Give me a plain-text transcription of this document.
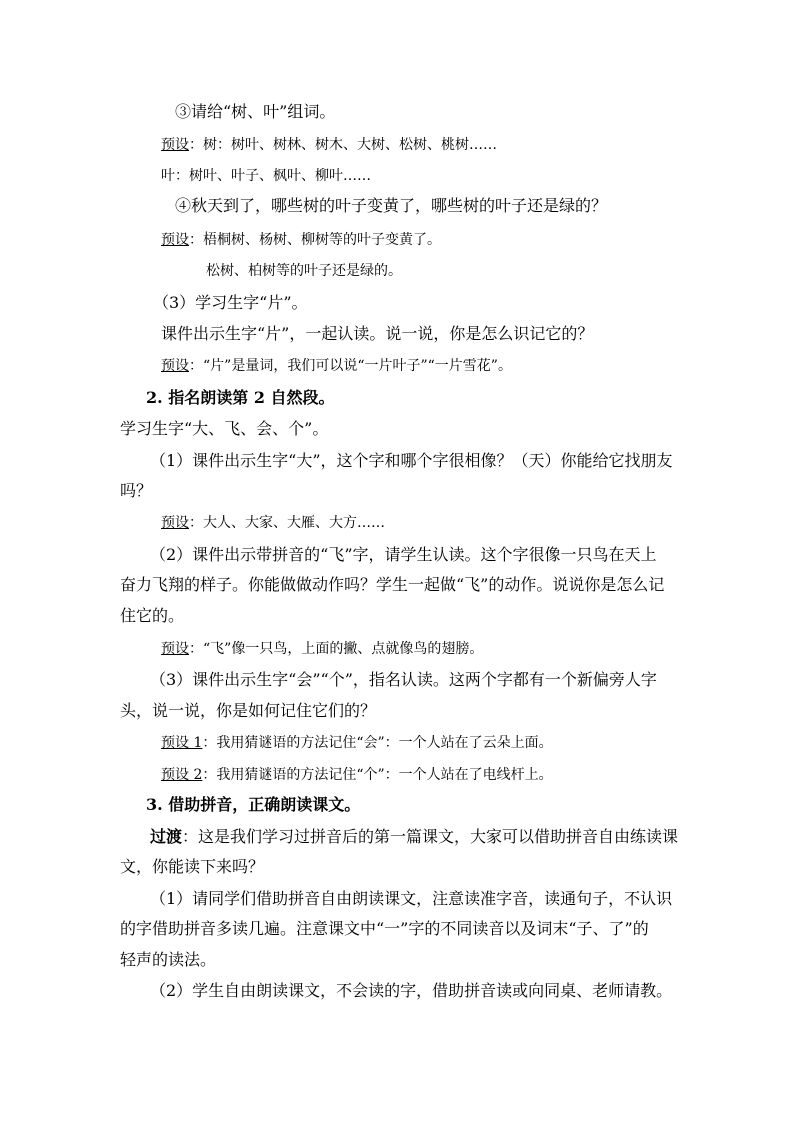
③请给“树、叶”组词。

预设：树：树叶、树林、树木、大树、松树、桃树……

叶：树叶、叶子、枫叶、柳叶……

④秋天到了，哪些树的叶子变黄了，哪些树的叶子还是绿的？

预设：梧桐树、杨树、柳树等的叶子变黄了。

松树、柏树等的叶子还是绿的。

（3）学习生字“片”。

课件出示生字“片”，一起认读。说一说，你是怎么识记它的？

预设：“片”是量词，我们可以说“一片叶子”“一片雪花”。

2. 指名朗读第 2 自然段。

学习生字“大、飞、会、个”。

（1）课件出示生字“大”，这个字和哪个字很相像？（天）你能给它找朋友

吗？

预设：大人、大家、大雁、大方……

（2）课件出示带拼音的“飞”字，请学生认读。这个字很像一只鸟在天上

奋力飞翔的样子。你能做做动作吗？学生一起做“飞”的动作。说说你是怎么记

住它的。

预设：“飞”像一只鸟，上面的撇、点就像鸟的翅膀。

（3）课件出示生字“会”“个”，指名认读。这两个字都有一个新偏旁人字

头，说一说，你是如何记住它们的？

预设 1：我用猜谜语的方法记住“会”：一个人站在了云朵上面。

预设 2：我用猜谜语的方法记住“个”：一个人站在了电线杆上。

3. 借助拼音，正确朗读课文。

过渡：这是我们学习过拼音后的第一篇课文，大家可以借助拼音自由练读课

文，你能读下来吗？

（1）请同学们借助拼音自由朗读课文，注意读准字音，读通句子，不认识

的字借助拼音多读几遍。注意课文中“一”字的不同读音以及词末“子、了”的

轻声的读法。

（2）学生自由朗读课文，不会读的字，借助拼音读或向同桌、老师请教。
